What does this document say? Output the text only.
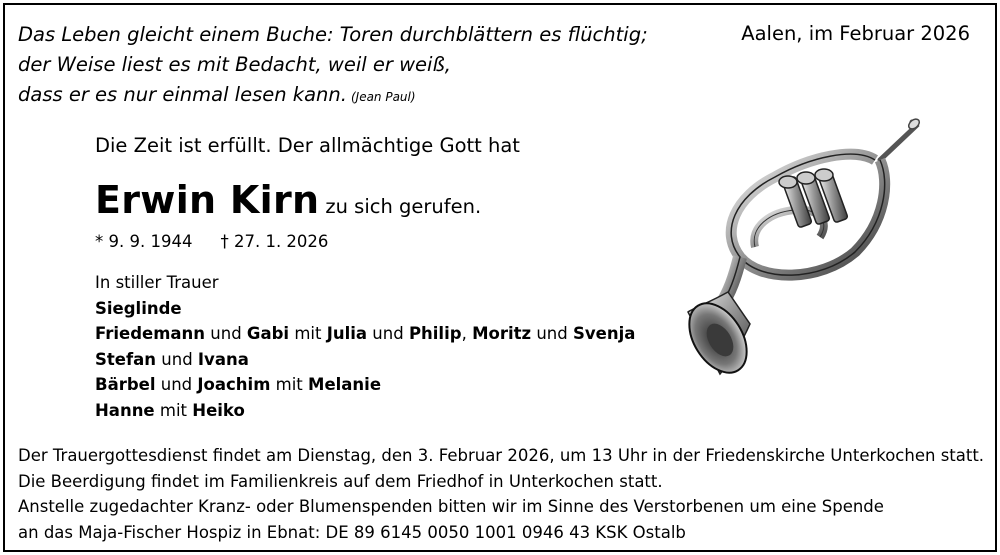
Das Leben gleicht einem Buche: Toren durchblättern es flüchtig;
der Weise liest es mit Bedacht, weil er weiß,
dass er es nur einmal lesen kann. (Jean Paul)
Aalen, im Februar 2026
Die Zeit ist erfüllt. Der allmächtige Gott hat
Erwin Kirn zu sich gerufen.
* 9. 9. 1944 † 27. 1. 2026
In stiller Trauer
Sieglinde
Friedemann und Gabi mit Julia und Philip, Moritz und Svenja
Stefan und Ivana
Bärbel und Joachim mit Melanie
Hanne mit Heiko
Der Trauergottesdienst findet am Dienstag, den 3. Februar 2026, um 13 Uhr in der Friedenskirche Unterkochen statt.
Die Beerdigung findet im Familienkreis auf dem Friedhof in Unterkochen statt.
Anstelle zugedachter Kranz- oder Blumenspenden bitten wir im Sinne des Verstorbenen um eine Spende
an das Maja-Fischer Hospiz in Ebnat: DE 89 6145 0050 1001 0946 43 KSK Ostalb
